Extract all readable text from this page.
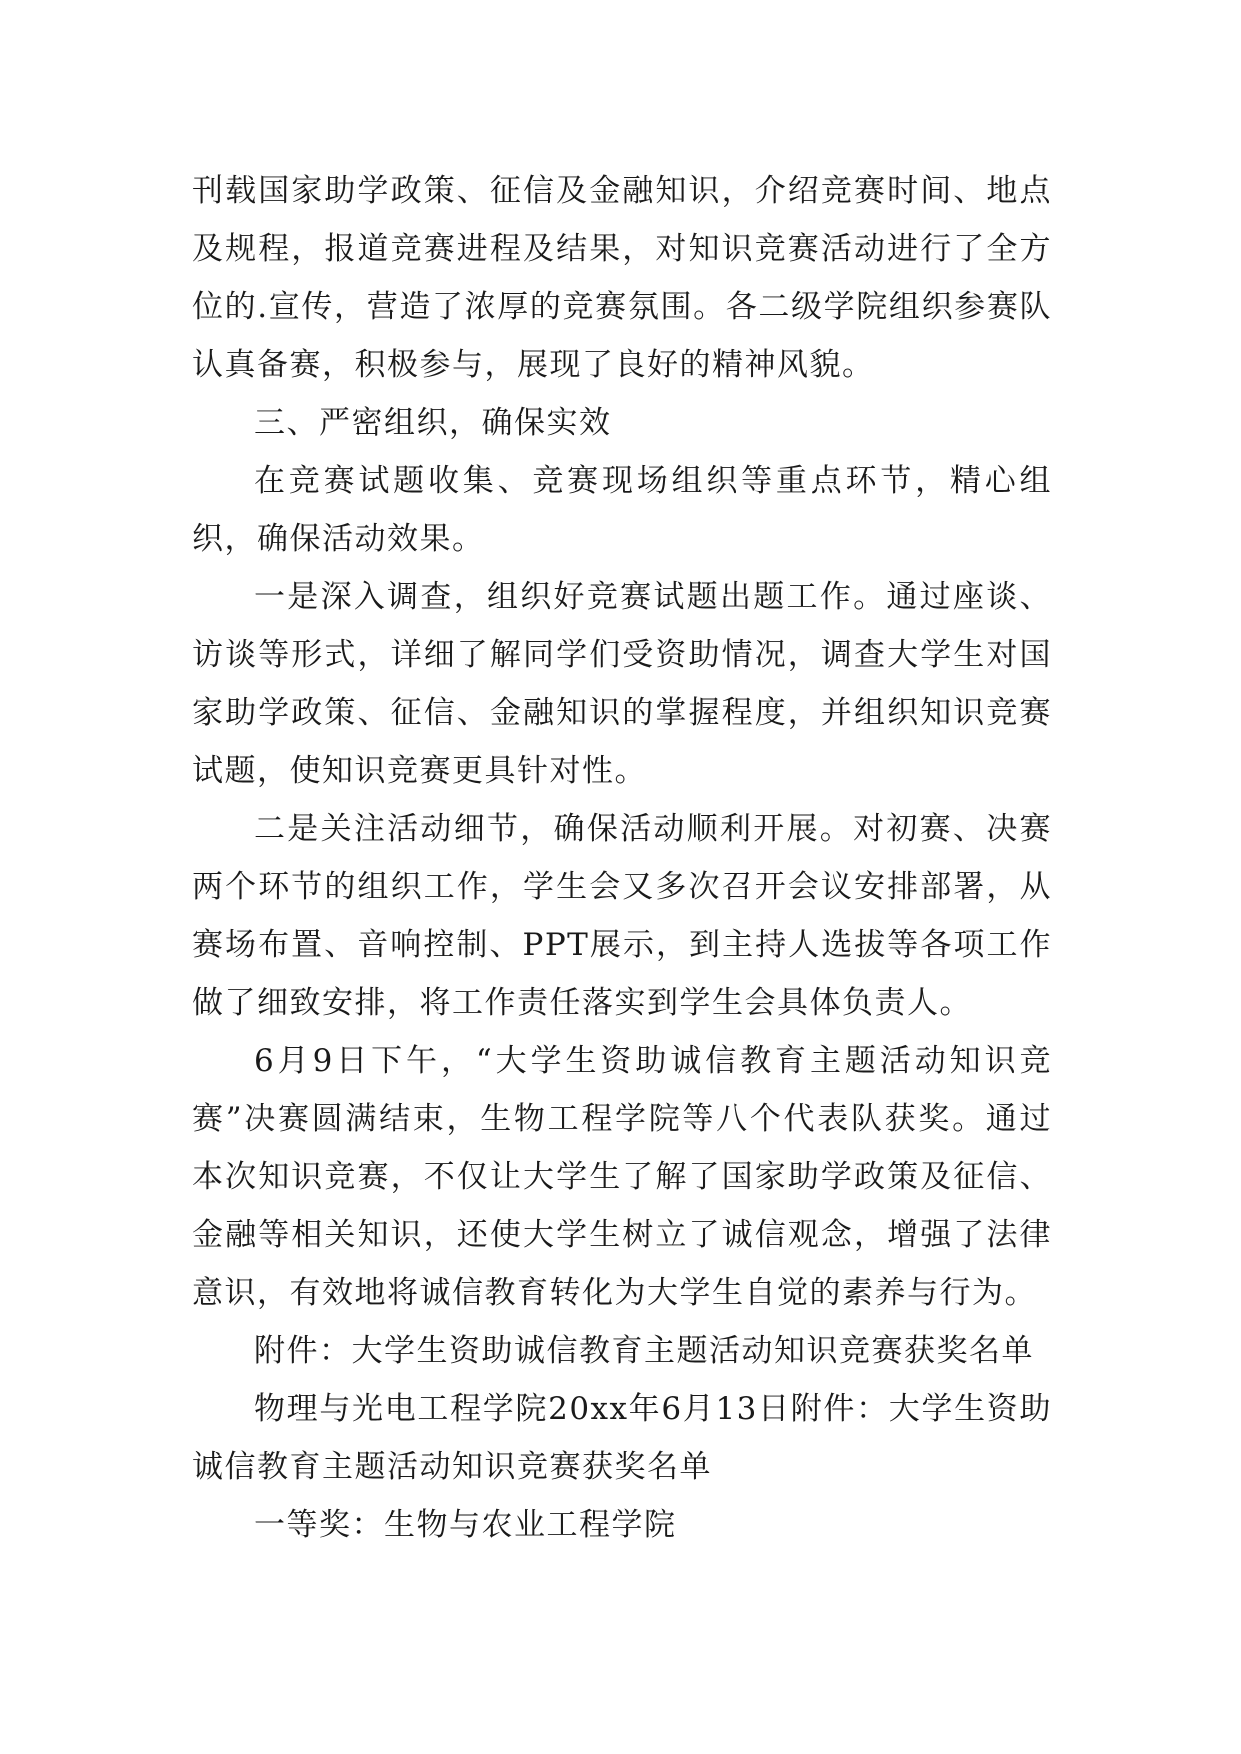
刊载国家助学政策、征信及金融知识，介绍竞赛时间、地点及规程，报道竞赛进程及结果，对知识竞赛活动进行了全方位的.宣传，营造了浓厚的竞赛氛围。各二级学院组织参赛队认真备赛，积极参与，展现了良好的精神风貌。

三、严密组织，确保实效

在竞赛试题收集、竞赛现场组织等重点环节，精心组织，确保活动效果。

一是深入调查，组织好竞赛试题出题工作。通过座谈、访谈等形式，详细了解同学们受资助情况，调查大学生对国家助学政策、征信、金融知识的掌握程度，并组织知识竞赛试题，使知识竞赛更具针对性。

二是关注活动细节，确保活动顺利开展。对初赛、决赛两个环节的组织工作，学生会又多次召开会议安排部署，从赛场布置、音响控制、PPT展示，到主持人选拔等各项工作做了细致安排，将工作责任落实到学生会具体负责人。

6月9日下午，“大学生资助诚信教育主题活动知识竞赛”决赛圆满结束，生物工程学院等八个代表队获奖。通过本次知识竞赛，不仅让大学生了解了国家助学政策及征信、金融等相关知识，还使大学生树立了诚信观念，增强了法律意识，有效地将诚信教育转化为大学生自觉的素养与行为。

附件：大学生资助诚信教育主题活动知识竞赛获奖名单

物理与光电工程学院20xx年6月13日附件：大学生资助诚信教育主题活动知识竞赛获奖名单

一等奖：生物与农业工程学院
